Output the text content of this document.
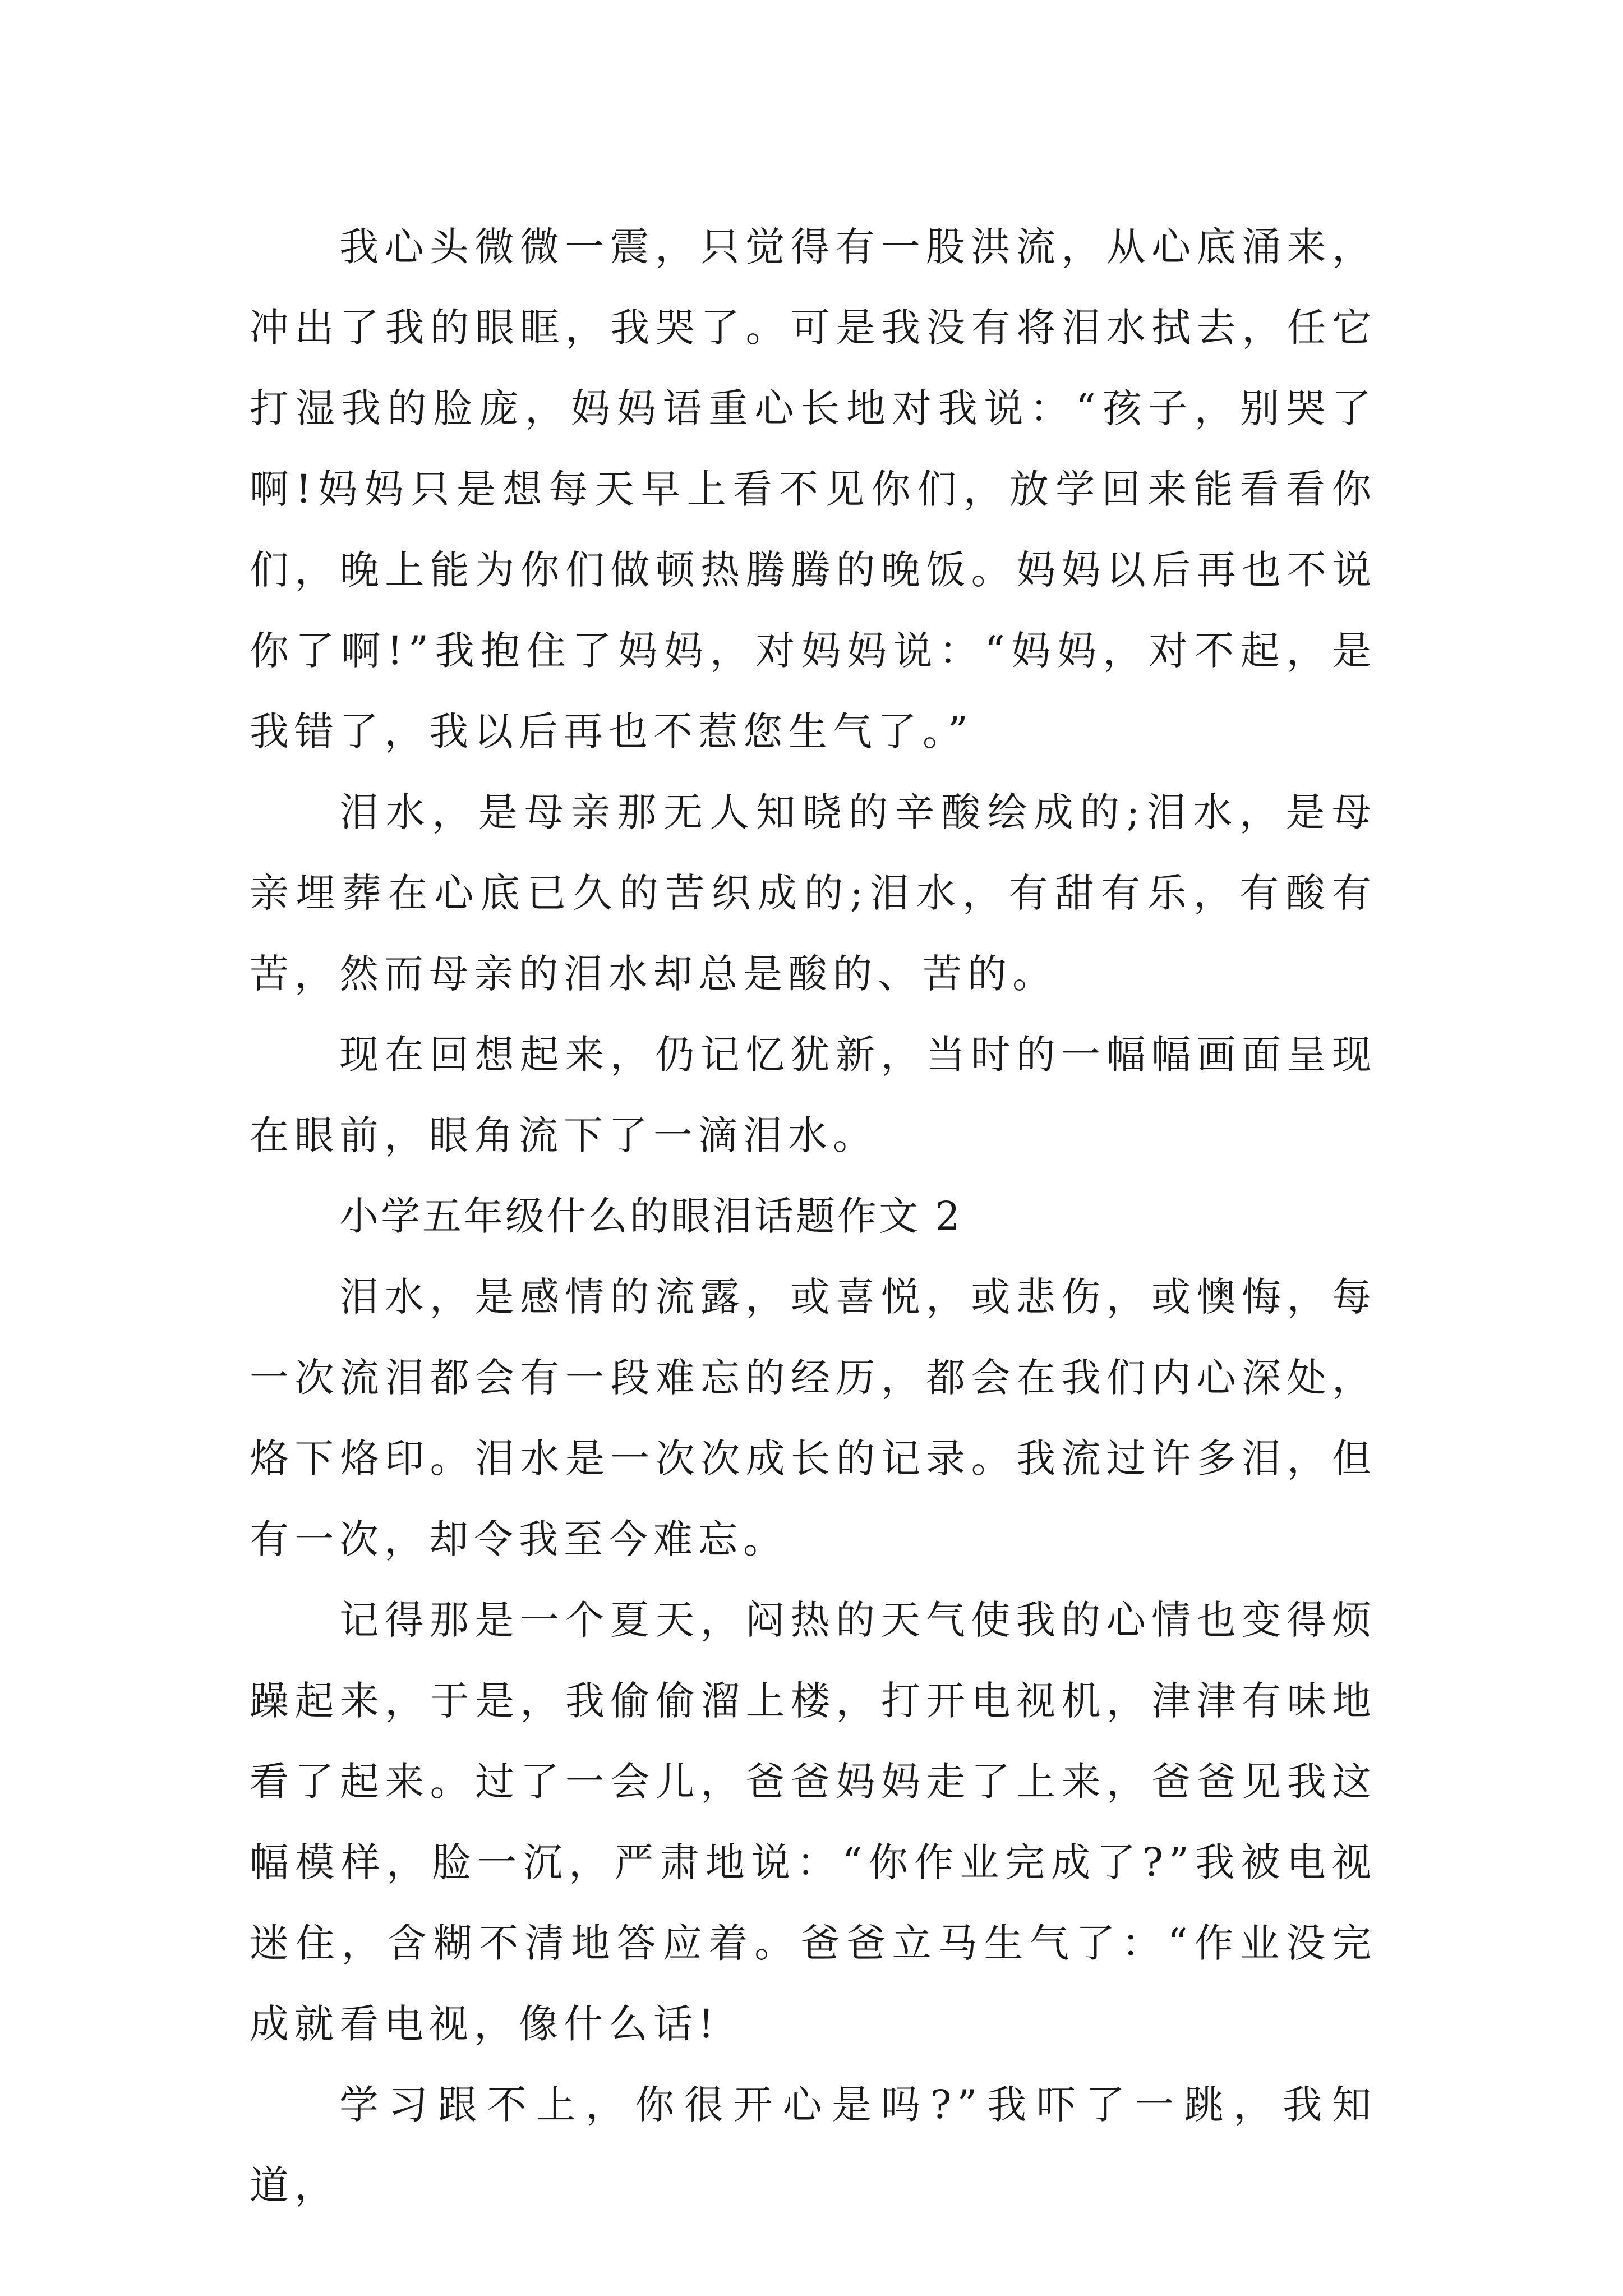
我心头微微一震，只觉得有一股洪流，从心底涌来，冲出了我的眼眶，我哭了。可是我没有将泪水拭去，任它打湿我的脸庞，妈妈语重心长地对我说：“孩子，别哭了啊!妈妈只是想每天早上看不见你们，放学回来能看看你们，晚上能为你们做顿热腾腾的晚饭。妈妈以后再也不说你了啊!”我抱住了妈妈，对妈妈说：“妈妈，对不起，是我错了，我以后再也不惹您生气了。”

泪水，是母亲那无人知晓的辛酸绘成的;泪水，是母亲埋葬在心底已久的苦织成的;泪水，有甜有乐，有酸有苦，然而母亲的泪水却总是酸的、苦的。

现在回想起来，仍记忆犹新，当时的一幅幅画面呈现在眼前，眼角流下了一滴泪水。

小学五年级什么的眼泪话题作文 2

泪水，是感情的流露，或喜悦，或悲伤，或懊悔，每一次流泪都会有一段难忘的经历，都会在我们内心深处，烙下烙印。泪水是一次次成长的记录。我流过许多泪，但有一次，却令我至今难忘。

记得那是一个夏天，闷热的天气使我的心情也变得烦躁起来，于是，我偷偷溜上楼，打开电视机，津津有味地看了起来。过了一会儿，爸爸妈妈走了上来，爸爸见我这幅模样，脸一沉，严肃地说：“你作业完成了?”我被电视迷住，含糊不清地答应着。爸爸立马生气了：“作业没完成就看电视，像什么话!

学习跟不上，你很开心是吗?”我吓了一跳，我知道，
